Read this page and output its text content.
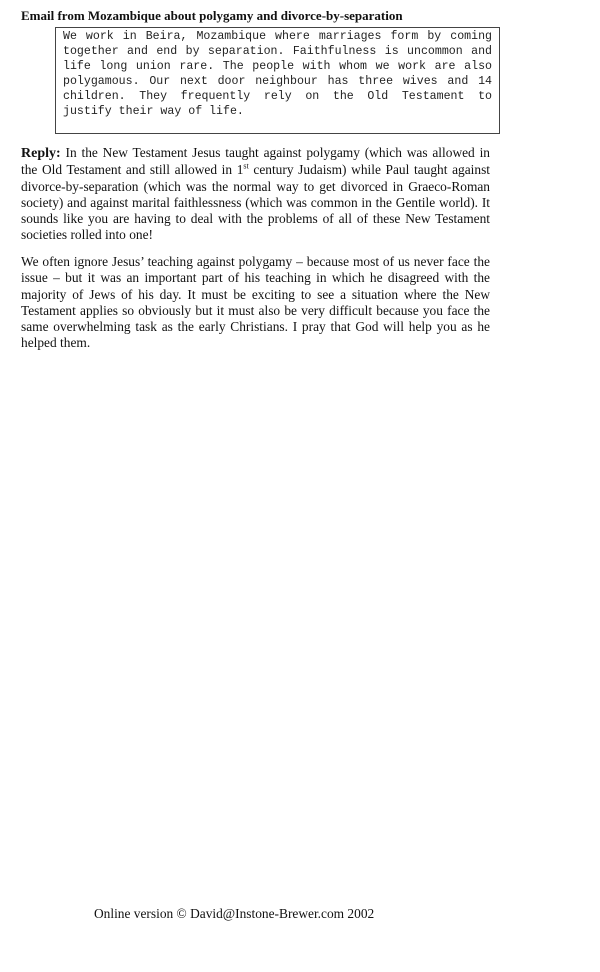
Email from Mozambique about polygamy and divorce-by-separation

We work in Beira, Mozambique where marriages form by coming together and end by separation. Faithfulness is uncommon and life long union rare. The people with whom we work are also polygamous. Our next door neighbour has three wives and 14 children. They frequently rely on the Old Testament to justify their way of life.

Reply: In the New Testament Jesus taught against polygamy (which was allowed in the Old Testament and still allowed in 1st century Judaism) while Paul taught against divorce-by-separation (which was the normal way to get divorced in Graeco-Roman society) and against marital faithlessness (which was common in the Gentile world). It sounds like you are having to deal with the problems of all of these New Testament societies rolled into one!

We often ignore Jesus’ teaching against polygamy – because most of us never face the issue – but it was an important part of his teaching in which he disagreed with the majority of Jews of his day. It must be exciting to see a situation where the New Testament applies so obviously but it must also be very difficult because you face the same overwhelming task as the early Christians. I pray that God will help you as he helped them.

Online version © David@Instone-Brewer.com 2002
